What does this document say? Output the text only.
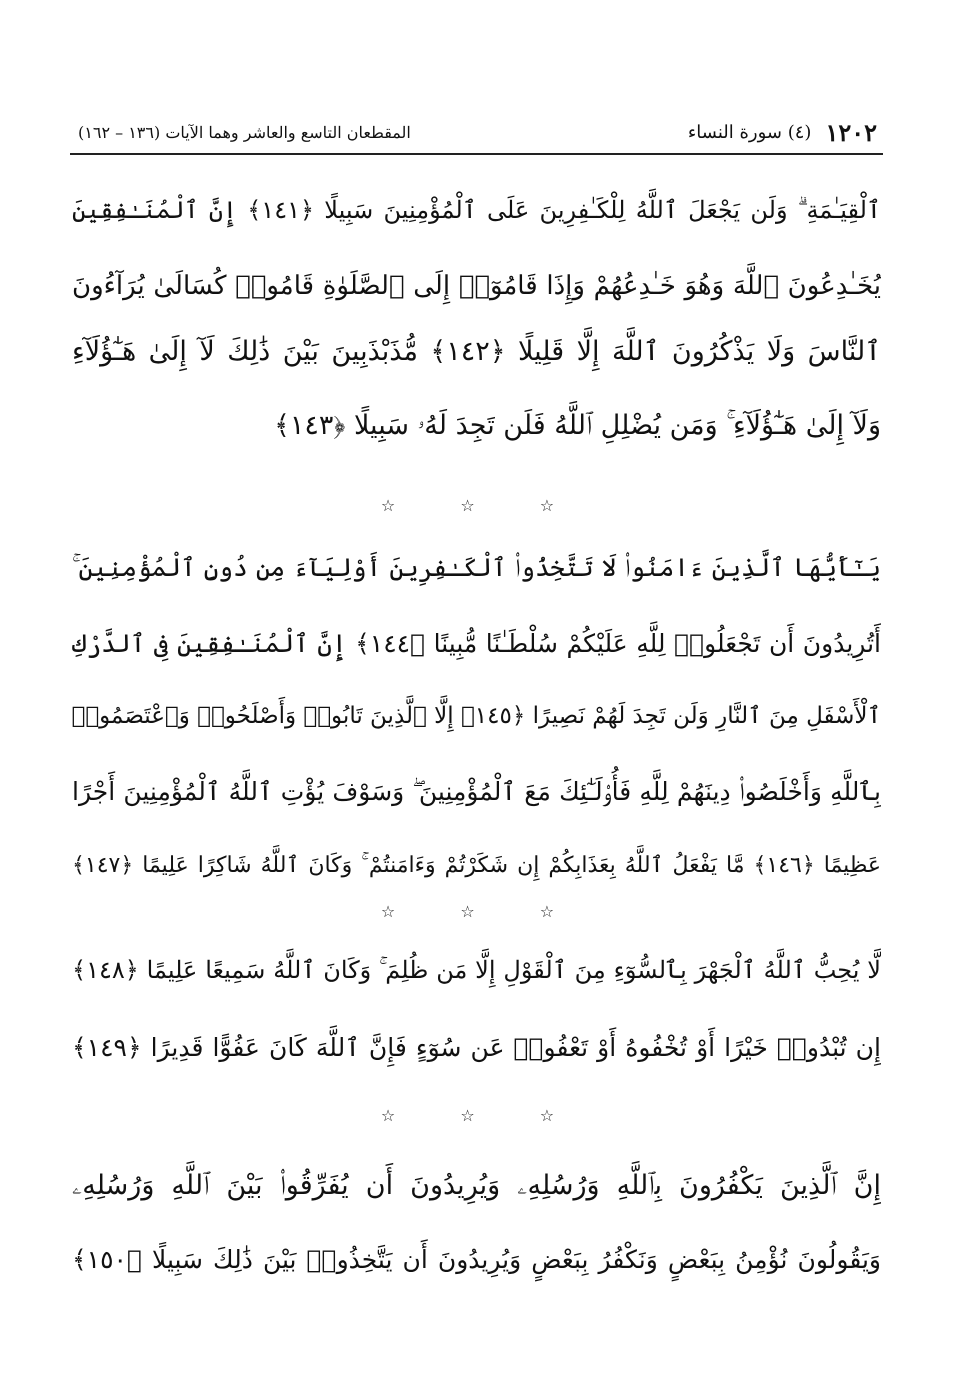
١٢٠٢
(٤) سورة النساء
المقطعان التاسع والعاشر وهما الآيات (١٣٦ – ١٦٢)
ٱلْقِيَـٰمَةِ ۗ وَلَن يَجْعَلَ ٱللَّهُ لِلْكَـٰفِرِينَ عَلَى ٱلْمُؤْمِنِينَ سَبِيلًا ﴿١٤١﴾ إِنَّ ٱلْمُنَـٰفِقِينَ
يُخَـٰدِعُونَ ٱللَّهَ وَهُوَ خَـٰدِعُهُمْ وَإِذَا قَامُوٓا۟ إِلَى ٱلصَّلَوٰةِ قَامُوا۟ كُسَالَىٰ يُرَآءُونَ
ٱلنَّاسَ وَلَا يَذْكُرُونَ ٱللَّهَ إِلَّا قَلِيلًا ﴿١٤٢﴾ مُّذَبْذَبِينَ بَيْنَ ذَٰلِكَ لَآ إِلَىٰ هَـٰٓؤُلَآءِ
وَلَآ إِلَىٰ هَـٰٓؤُلَآءِ ۚ وَمَن يُضْلِلِ ٱللَّهُ فَلَن تَجِدَ لَهُۥ سَبِيلًا ﴿١٤٣﴾
☆ ☆ ☆
يَـٰٓأَيُّهَا ٱلَّذِينَ ءَامَنُوا۟ لَا تَتَّخِذُوا۟ ٱلْكَـٰفِرِينَ أَوْلِيَآءَ مِن دُونِ ٱلْمُؤْمِنِينَ ۚ
أَتُرِيدُونَ أَن تَجْعَلُوا۟ لِلَّهِ عَلَيْكُمْ سُلْطَـٰنًا مُّبِينًا ﴿١٤٤﴾ إِنَّ ٱلْمُنَـٰفِقِينَ فِى ٱلدَّرْكِ
ٱلْأَسْفَلِ مِنَ ٱلنَّارِ وَلَن تَجِدَ لَهُمْ نَصِيرًا ﴿١٤٥﴾ إِلَّا ٱلَّذِينَ تَابُوا۟ وَأَصْلَحُوا۟ وَٱعْتَصَمُوا۟
بِٱللَّهِ وَأَخْلَصُوا۟ دِينَهُمْ لِلَّهِ فَأُو۟لَـٰٓئِكَ مَعَ ٱلْمُؤْمِنِينَ ۖ وَسَوْفَ يُؤْتِ ٱللَّهُ ٱلْمُؤْمِنِينَ أَجْرًا
عَظِيمًا ﴿١٤٦﴾ مَّا يَفْعَلُ ٱللَّهُ بِعَذَابِكُمْ إِن شَكَرْتُمْ وَءَامَنتُمْ ۚ وَكَانَ ٱللَّهُ شَاكِرًا عَلِيمًا ﴿١٤٧﴾
☆ ☆ ☆
لَّا يُحِبُّ ٱللَّهُ ٱلْجَهْرَ بِٱلسُّوٓءِ مِنَ ٱلْقَوْلِ إِلَّا مَن ظُلِمَ ۚ وَكَانَ ٱللَّهُ سَمِيعًا عَلِيمًا ﴿١٤٨﴾
إِن تُبْدُوا۟ خَيْرًا أَوْ تُخْفُوهُ أَوْ تَعْفُوا۟ عَن سُوٓءٍ فَإِنَّ ٱللَّهَ كَانَ عَفُوًّا قَدِيرًا ﴿١٤٩﴾
☆ ☆ ☆
إِنَّ ٱلَّذِينَ يَكْفُرُونَ بِٱللَّهِ وَرُسُلِهِۦ وَيُرِيدُونَ أَن يُفَرِّقُوا۟ بَيْنَ ٱللَّهِ وَرُسُلِهِۦ
وَيَقُولُونَ نُؤْمِنُ بِبَعْضٍ وَنَكْفُرُ بِبَعْضٍ وَيُرِيدُونَ أَن يَتَّخِذُوا۟ بَيْنَ ذَٰلِكَ سَبِيلًا ﴿١٥٠﴾
